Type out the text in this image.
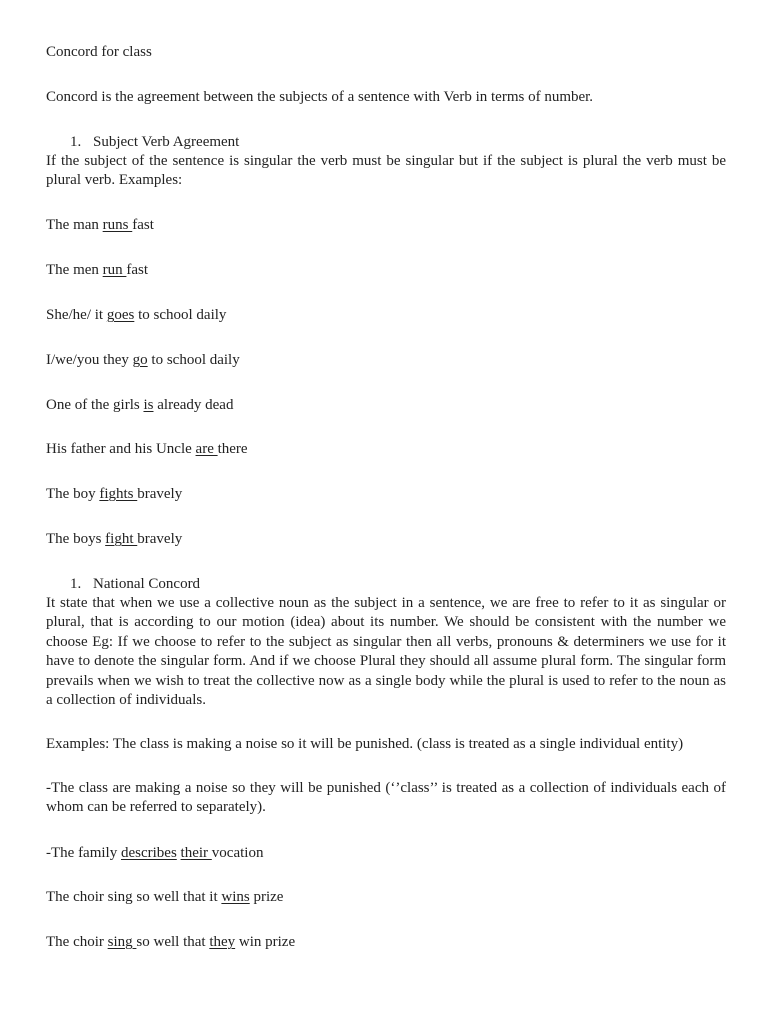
Concord for class
Concord is the agreement between the subjects of a sentence with Verb in terms of number.
1. Subject Verb Agreement
If the subject of the sentence is singular the verb must be singular but if the subject is plural the verb must be plural verb. Examples:
The man runs fast
The men run fast
She/he/ it goes to school daily
I/we/you they go to school daily
One of the girls is already dead
His father and his Uncle are there
The boy fights bravely
The boys fight bravely
1. National Concord
It state that when we use a collective noun as the subject in a sentence, we are free to refer to it as singular or plural, that is according to our motion (idea) about its number. We should be consistent with the number we choose Eg: If we choose to refer to the subject as singular then all verbs, pronouns & determiners we use for it have to denote the singular form. And if we choose Plural they should all assume plural form. The singular form prevails when we wish to treat the collective now as a single body while the plural is used to refer to the noun as a collection of individuals.
Examples: The class is making a noise so it will be punished. (class is treated as a single individual entity)
-The class are making a noise so they will be punished (‘’class’’ is treated as a collection of individuals each of whom can be referred to separately).
-The family describes their vocation
The choir sing so well that it wins prize
The choir sing so well that they win prize
